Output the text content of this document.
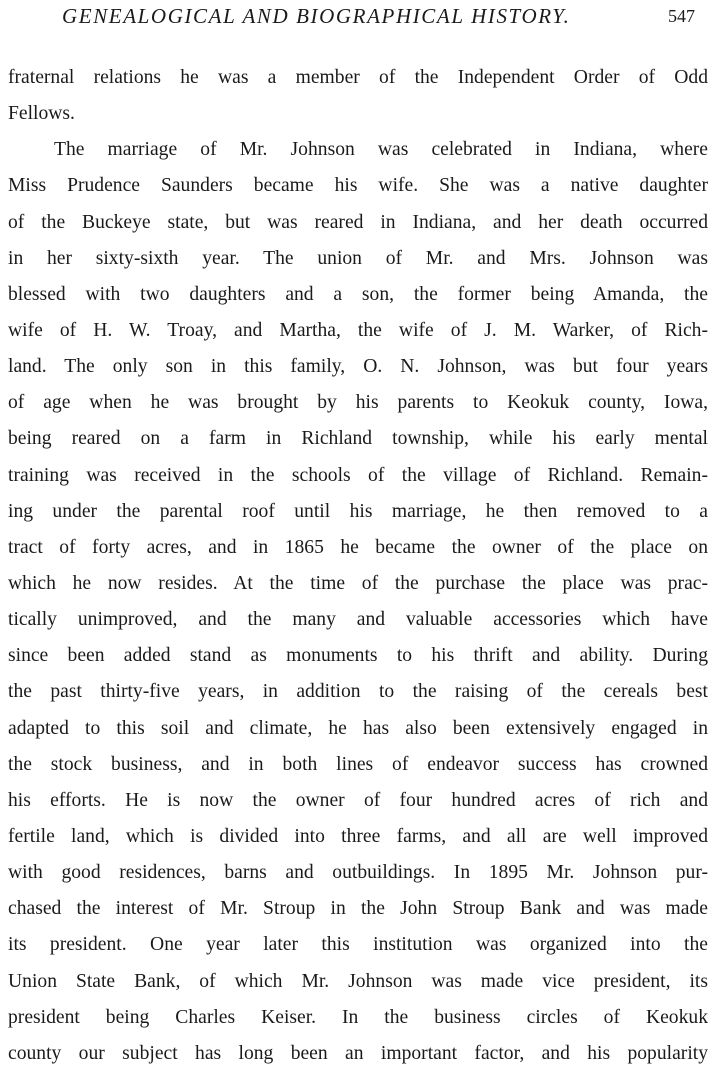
GENEALOGICAL AND BIOGRAPHICAL HISTORY.	547
fraternal relations he was a member of the Independent Order of Odd
Fellows.
The marriage of Mr. Johnson was celebrated in Indiana, where
Miss Prudence Saunders became his wife. She was a native daughter
of the Buckeye state, but was reared in Indiana, and her death occurred
in her sixty-sixth year. The union of Mr. and Mrs. Johnson was
blessed with two daughters and a son, the former being Amanda, the
wife of H. W. Troay, and Martha, the wife of J. M. Warker, of Rich-
land. The only son in this family, O. N. Johnson, was but four years
of age when he was brought by his parents to Keokuk county, Iowa,
being reared on a farm in Richland township, while his early mental
training was received in the schools of the village of Richland. Remain-
ing under the parental roof until his marriage, he then removed to a
tract of forty acres, and in 1865 he became the owner of the place on
which he now resides. At the time of the purchase the place was prac-
tically unimproved, and the many and valuable accessories which have
since been added stand as monuments to his thrift and ability. During
the past thirty-five years, in addition to the raising of the cereals best
adapted to this soil and climate, he has also been extensively engaged in
the stock business, and in both lines of endeavor success has crowned
his efforts. He is now the owner of four hundred acres of rich and
fertile land, which is divided into three farms, and all are well improved
with good residences, barns and outbuildings. In 1895 Mr. Johnson pur-
chased the interest of Mr. Stroup in the John Stroup Bank and was made
its president. One year later this institution was organized into the
Union State Bank, of which Mr. Johnson was made vice president, its
president being Charles Keiser. In the business circles of Keokuk
county our subject has long been an important factor, and his popularity
